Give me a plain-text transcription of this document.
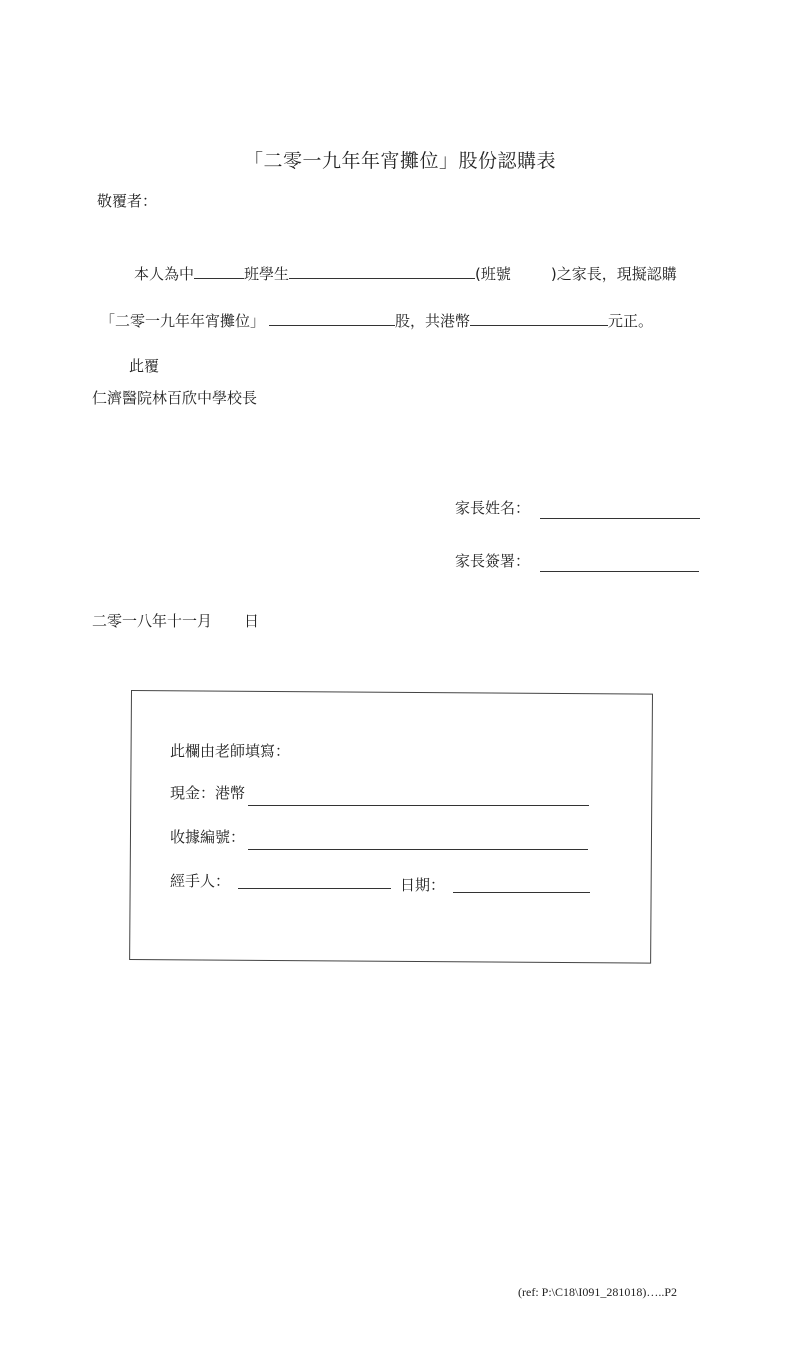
「二零一九年年宵攤位」股份認購表
敬覆者：
本人為中	班學生	(班號	)之家長，現擬認購
「二零一九年年宵攤位」	股，共港幣	元正。
此覆
仁濟醫院林百欣中學校長
家長姓名：
家長簽署：
二零一八年十一月 日
此欄由老師填寫：
現金：港幣
收據編號：
經手人：	日期：
(ref: P:\C18\I091_281018)…..P2
